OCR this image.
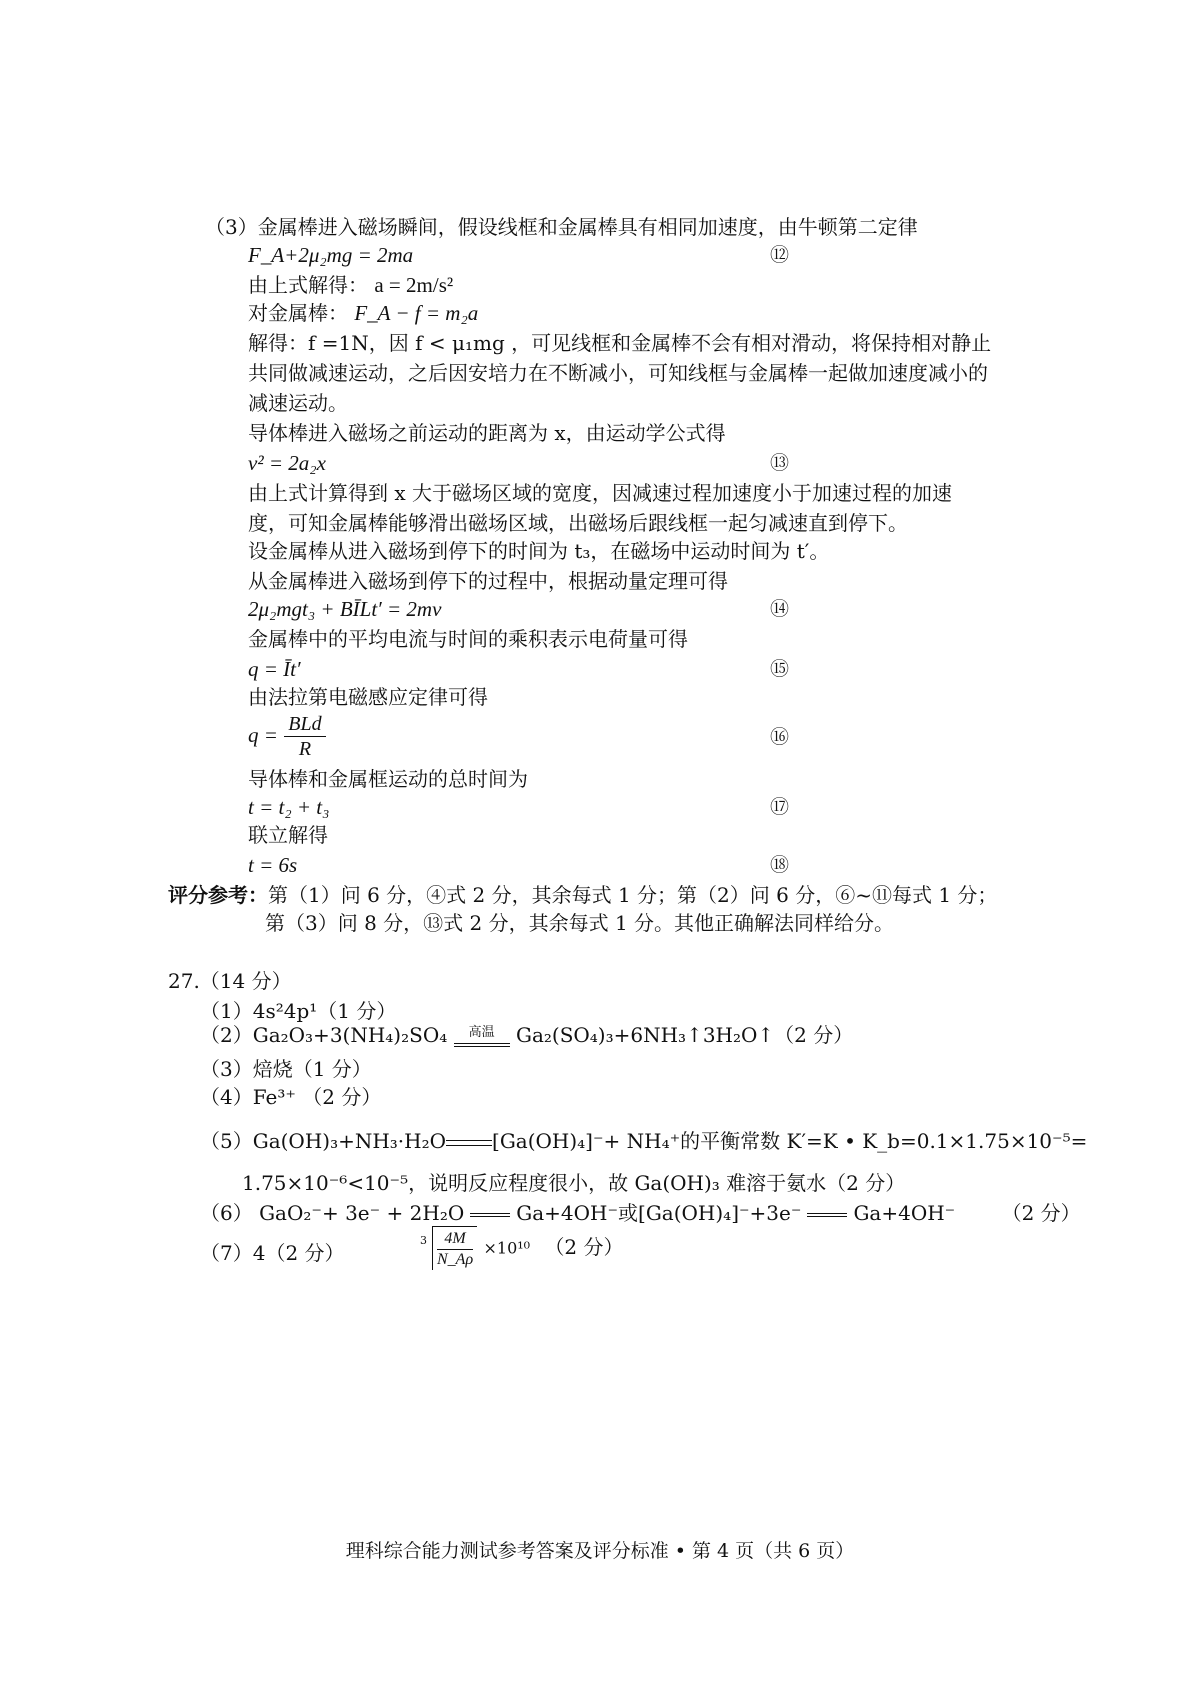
（3）金属棒进入磁场瞬间，假设线框和金属棒具有相同加速度，由牛顿第二定律
F_A+2μ₂mg = 2ma	⑫
由上式解得： a = 2m/s²
对金属棒： F_A − f = m₂a
解得：f =1N，因 f < μ₁mg ，可见线框和金属棒不会有相对滑动，将保持相对静止
共同做减速运动，之后因安培力在不断减小，可知线框与金属棒一起做加速度减小的
减速运动。
导体棒进入磁场之前运动的距离为 x，由运动学公式得
v² = 2a₂x	⑬
由上式计算得到 x 大于磁场区域的宽度，因减速过程加速度小于加速过程的加速
度，可知金属棒能够滑出磁场区域，出磁场后跟线框一起匀减速直到停下。
设金属棒从进入磁场到停下的时间为 t₃，在磁场中运动时间为 t′。
从金属棒进入磁场到停下的过程中，根据动量定理可得
2μ₂mgt₃ + BĪLt′ = 2mv	⑭
金属棒中的平均电流与时间的乘积表示电荷量可得
q = Īt′	⑮
由法拉第电磁感应定律可得
$q = \frac{\text{BLd}}{R}$	⑯
导体棒和金属框运动的总时间为
t = t₂ + t₃	⑰
联立解得
t = 6s	⑱
评分参考：第（1）问 6 分，④式 2 分，其余每式 1 分；第（2）问 6 分，⑥~⑪每式 1 分；
第（3）问 8 分，⑬式 2 分，其余每式 1 分。其他正确解法同样给分。
27.（14 分）
（1）4s²4p¹（1 分）
（2）Ga₂O₃+3(NH₄)₂SO₄	高温	Ga₂(SO₄)₃+6NH₃↑3H₂O↑（2 分）
（3）焙烧（1 分）
（4）Fe³⁺ （2 分）
（5）Ga(OH)₃+NH₃·H₂O [Ga(OH)₄]⁻+ NH₄⁺的平衡常数 K′=K • K_b=0.1×1.75×10⁻⁵=
1.75×10⁻⁶<10⁻⁵，说明反应程度很小，故 Ga(OH)₃ 难溶于氨水（2 分）
（6） GaO₂⁻+ 3e⁻ + 2H₂O	Ga+4OH⁻或[Ga(OH)₄]⁻+3e⁻	Ga+4OH⁻ （2 分）
（7）4（2 分）
$3 \frac{4M}{N\_A\rho} \times 10^{10}$ （2 分）
理科综合能力测试参考答案及评分标准 • 第 4 页（共 6 页）
